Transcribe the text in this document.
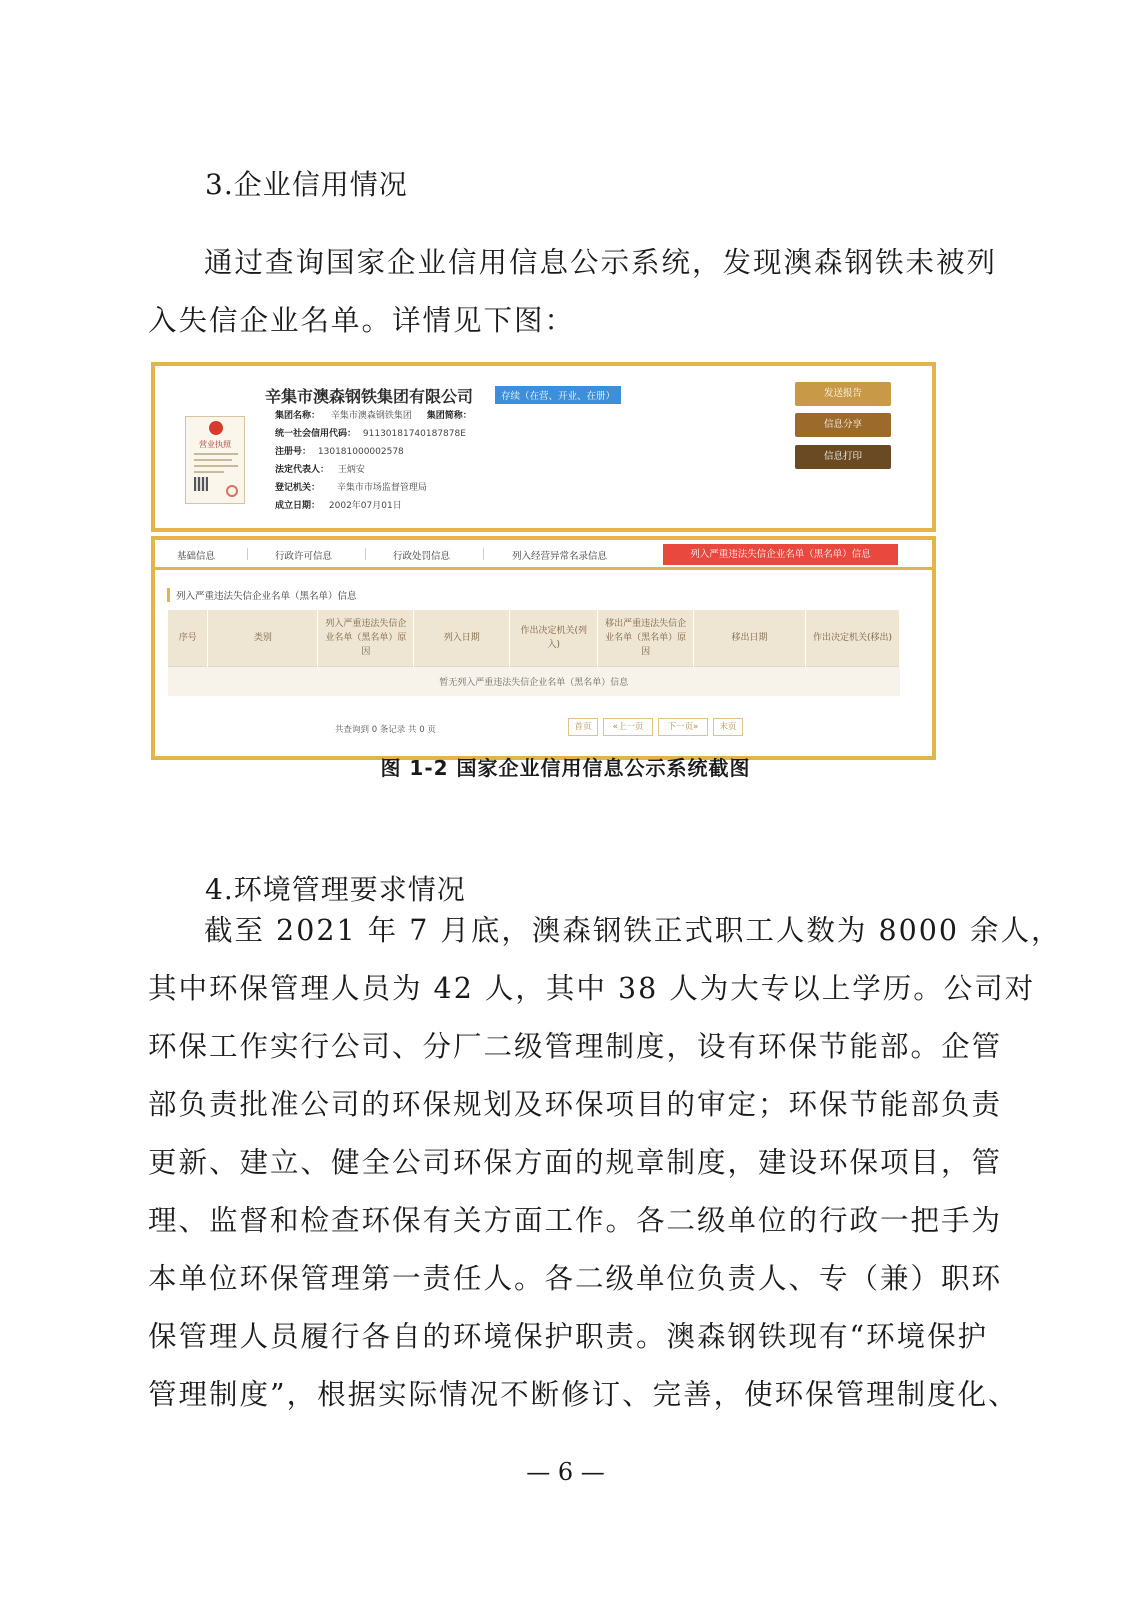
3.企业信用情况
通过查询国家企业信用信息公示系统，发现澳森钢铁未被列
入失信企业名单。详情见下图：
营业执照
辛集市澳森钢铁集团有限公司	存续（在营、开业、在册）
集团名称： 辛集市澳森钢铁集团 集团简称：
统一社会信用代码： 91130181740187878E
注册号： 130181000002578
法定代表人： 王炳安
登记机关： 辛集市市场监督管理局
成立日期： 2002年07月01日
发送报告
信息分享
信息打印
基础信息	行政许可信息	行政处罚信息	列入经营异常名录信息	列入严重违法失信企业名单（黑名单）信息
列入严重违法失信企业名单（黑名单）信息
序号	类别	列入严重违法失信企业名单（黑名单）原因	列入日期	作出决定机关(列入)	移出严重违法失信企业名单（黑名单）原因	移出日期	作出决定机关(移出)
暂无列入严重违法失信企业名单（黑名单）信息
共查询到 0 条记录 共 0 页	首页	«上一页	下一页»	末页
图 1-2 国家企业信用信息公示系统截图
4.环境管理要求情况
截至 2021 年 7 月底，澳森钢铁正式职工人数为 8000 余人，
其中环保管理人员为 42 人，其中 38 人为大专以上学历。公司对
环保工作实行公司、分厂二级管理制度，设有环保节能部。企管
部负责批准公司的环保规划及环保项目的审定；环保节能部负责
更新、建立、健全公司环保方面的规章制度，建设环保项目，管
理、监督和检查环保有关方面工作。各二级单位的行政一把手为
本单位环保管理第一责任人。各二级单位负责人、专（兼）职环
保管理人员履行各自的环境保护职责。澳森钢铁现有“环境保护
管理制度”，根据实际情况不断修订、完善，使环保管理制度化、
— 6 —
